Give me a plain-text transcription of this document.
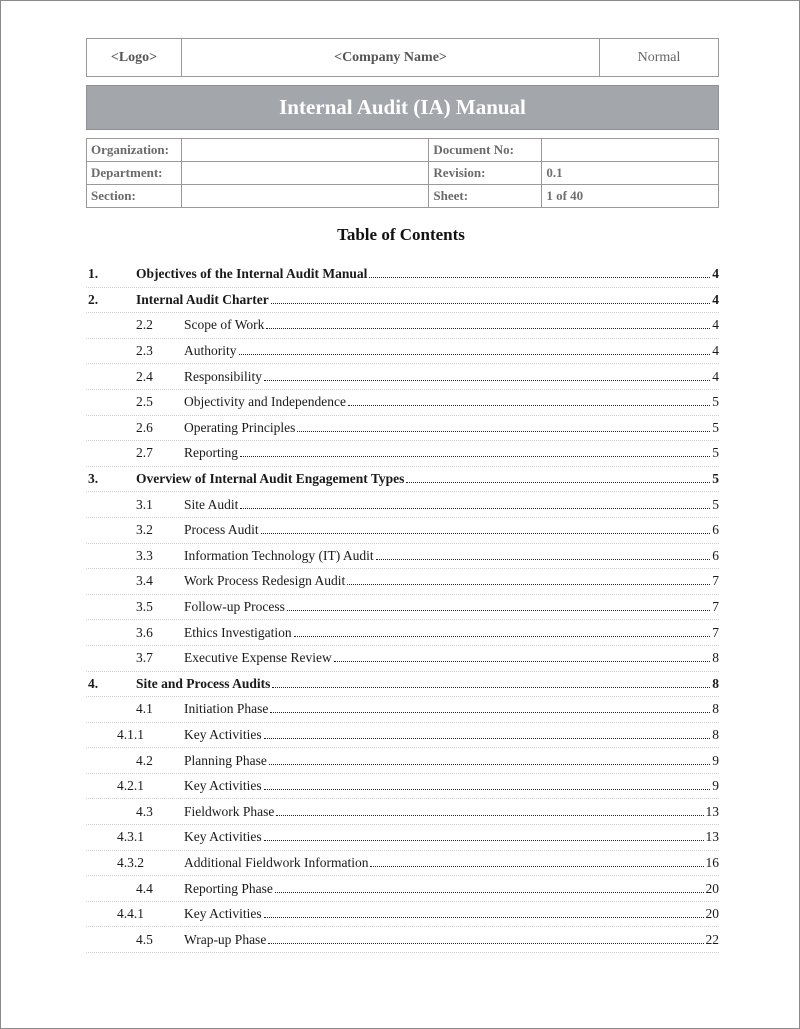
<Logo>	<Company Name>	Normal
Internal Audit (IA) Manual
Organization:		Document No:	
Department:		Revision:	0.1
Section:		Sheet:	1 of 40
Table of Contents
1.	Objectives of the Internal Audit Manual	4
2.	Internal Audit Charter	4
2.2 Scope of Work	4
2.3 Authority	4
2.4 Responsibility	4
2.5 Objectivity and Independence	5
2.6 Operating Principles	5
2.7 Reporting	5
3.	Overview of Internal Audit Engagement Types	5
3.1 Site Audit	5
3.2 Process Audit	6
3.3 Information Technology (IT) Audit	6
3.4 Work Process Redesign Audit	7
3.5 Follow-up Process	7
3.6 Ethics Investigation	7
3.7 Executive Expense Review	8
4.	Site and Process Audits	8
4.1 Initiation Phase	8
4.1.1	Key Activities	8
4.2 Planning Phase	9
4.2.1	Key Activities	9
4.3 Fieldwork Phase	13
4.3.1	Key Activities	13
4.3.2	Additional Fieldwork Information	16
4.4 Reporting Phase	20
4.4.1	Key Activities	20
4.5 Wrap-up Phase	22
